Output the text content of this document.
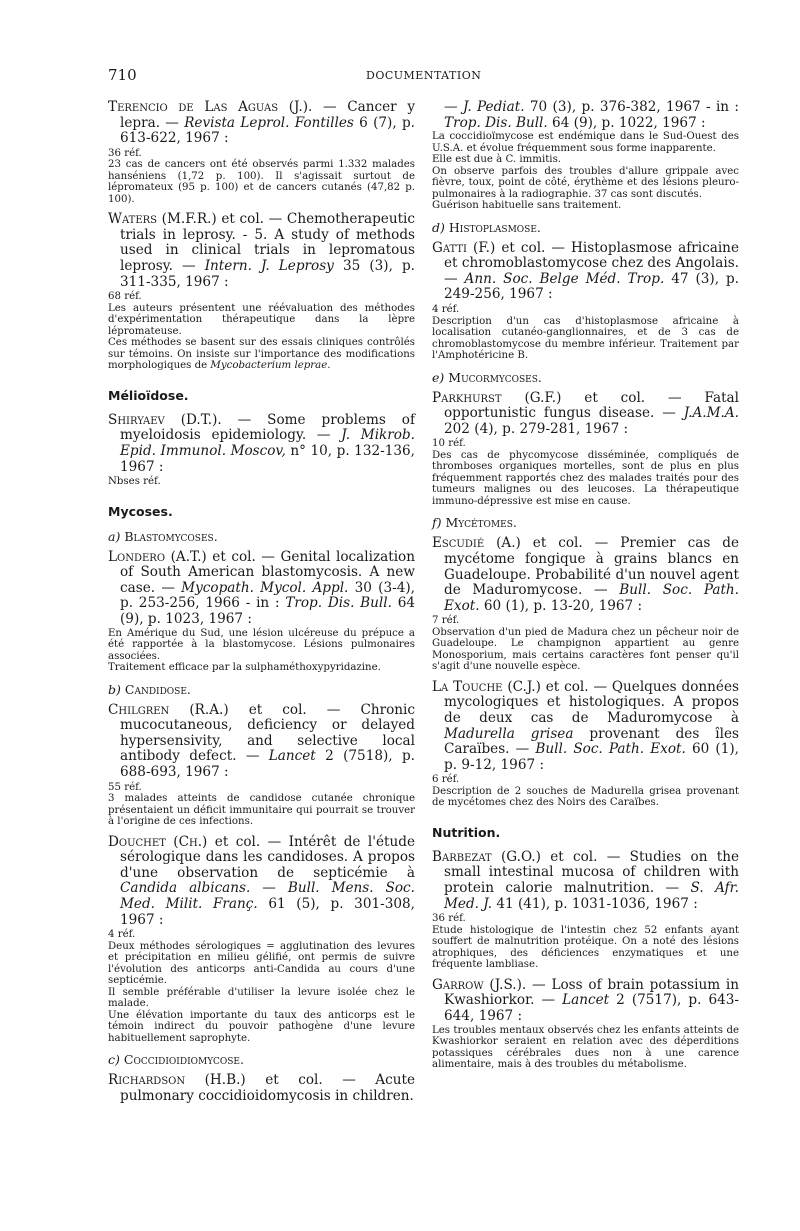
710	DOCUMENTATION

Terencio de Las Aguas (J.). — Cancer y lepra. — Revista Leprol. Fontilles 6 (7), p. 613-622, 1967 :

36 réf.

23 cas de cancers ont été observés parmi 1.332 malades hanséniens (1,72 p. 100). Il s'agissait surtout de lépromateux (95 p. 100) et de cancers cutanés (47,82 p. 100).

Waters (M.F.R.) et col. — Chemotherapeutic trials in leprosy. - 5. A study of methods used in clinical trials in lepromatous leprosy. — Intern. J. Leprosy 35 (3), p. 311-335, 1967 :

68 réf.

Les auteurs présentent une réévaluation des méthodes d'expérimentation thérapeutique dans la lèpre lépromateuse.

Ces méthodes se basent sur des essais cliniques contrôlés sur témoins. On insiste sur l'importance des modifications morphologiques de Mycobacterium leprae.

Mélioïdose.

Shiryaev (D.T.). — Some problems of myeloidosis epidemiology. — J. Mikrob. Epid. Immunol. Moscov, n° 10, p. 132-136, 1967 :

Nbses réf.

Mycoses.
a) Blastomycoses.

Londero (A.T.) et col. — Genital localization of South American blastomycosis. A new case. — Mycopath. Mycol. Appl. 30 (3-4), p. 253-256, 1966 - in : Trop. Dis. Bull. 64 (9), p. 1023, 1967 :

En Amérique du Sud, une lésion ulcéreuse du prépuce a été rapportée à la blastomycose. Lésions pulmonaires associées.

Traitement efficace par la sulphaméthoxypyridazine.

b) Candidose.

Chilgren (R.A.) et col. — Chronic mucocutaneous, deficiency or delayed hypersensivity, and selective local antibody defect. — Lancet 2 (7518), p. 688-693, 1967 :

55 réf.

3 malades atteints de candidose cutanée chronique présentaient un déficit immunitaire qui pourrait se trouver à l'origine de ces infections.

Douchet (Ch.) et col. — Intérêt de l'étude sérologique dans les candidoses. A propos d'une observation de septicémie à Candida albicans. — Bull. Mens. Soc. Med. Milit. Franç. 61 (5), p. 301-308, 1967 :

4 réf.

Deux méthodes sérologiques = agglutination des levures et précipitation en milieu gélifié, ont permis de suivre l'évolution des anticorps anti-Candida au cours d'une septicémie.

Il semble préférable d'utiliser la levure isolée chez le malade.

Une élévation importante du taux des anticorps est le témoin indirect du pouvoir pathogène d'une levure habituellement saprophyte.

c) Coccidioidiomycose.

Richardson (H.B.) et col. — Acute pulmonary coccidioidomycosis in children.

— J. Pediat. 70 (3), p. 376-382, 1967 - in : Trop. Dis. Bull. 64 (9), p. 1022, 1967 :

La coccidioïmycose est endémique dans le Sud-Ouest des U.S.A. et évolue fréquemment sous forme inapparente.

Elle est due à C. immitis.

On observe parfois des troubles d'allure grippale avec fièvre, toux, point de côté, érythème et des lésions pleuro-pulmonaires à la radiographie. 37 cas sont discutés.

Guérison habituelle sans traitement.

d) Histoplasmose.

Gatti (F.) et col. — Histoplasmose africaine et chromoblastomycose chez des Angolais. — Ann. Soc. Belge Méd. Trop. 47 (3), p. 249-256, 1967 :

4 réf.

Description d'un cas d'histoplasmose africaine à localisation cutanéo-ganglionnaires, et de 3 cas de chromoblastomycose du membre inférieur. Traitement par l'Amphotéricine B.

e) Mucormycoses.

Parkhurst (G.F.) et col. — Fatal opportunistic fungus disease. — J.A.M.A. 202 (4), p. 279-281, 1967 :

10 réf.

Des cas de phycomycose disséminée, compliqués de thromboses organiques mortelles, sont de plus en plus fréquemment rapportés chez des malades traités pour des tumeurs malignes ou des leucoses. La thérapeutique immuno-dépressive est mise en cause.

f) Mycétomes.

Escudié (A.) et col. — Premier cas de mycétome fongique à grains blancs en Guadeloupe. Probabilité d'un nouvel agent de Maduromycose. — Bull. Soc. Path. Exot. 60 (1), p. 13-20, 1967 :

7 réf.

Observation d'un pied de Madura chez un pêcheur noir de Guadeloupe. Le champignon appartient au genre Monosporium, mais certains caractères font penser qu'il s'agit d'une nouvelle espèce.

La Touche (C.J.) et col. — Quelques données mycologiques et histologiques. A propos de deux cas de Maduromycose à Madurella grisea provenant des îles Caraïbes. — Bull. Soc. Path. Exot. 60 (1), p. 9-12, 1967 :

6 réf.

Description de 2 souches de Madurella grisea provenant de mycétomes chez des Noirs des Caraïbes.

Nutrition.

Barbezat (G.O.) et col. — Studies on the small intestinal mucosa of children with protein calorie malnutrition. — S. Afr. Med. J. 41 (41), p. 1031-1036, 1967 :

36 réf.

Etude histologique de l'intestin chez 52 enfants ayant souffert de malnutrition protéique. On a noté des lésions atrophiques, des déficiences enzymatiques et une fréquente lambliase.

Garrow (J.S.). — Loss of brain potassium in Kwashiorkor. — Lancet 2 (7517), p. 643-644, 1967 :

Les troubles mentaux observés chez les enfants atteints de Kwashiorkor seraient en relation avec des déperditions potassiques cérébrales dues non à une carence alimentaire, mais à des troubles du métabolisme.
